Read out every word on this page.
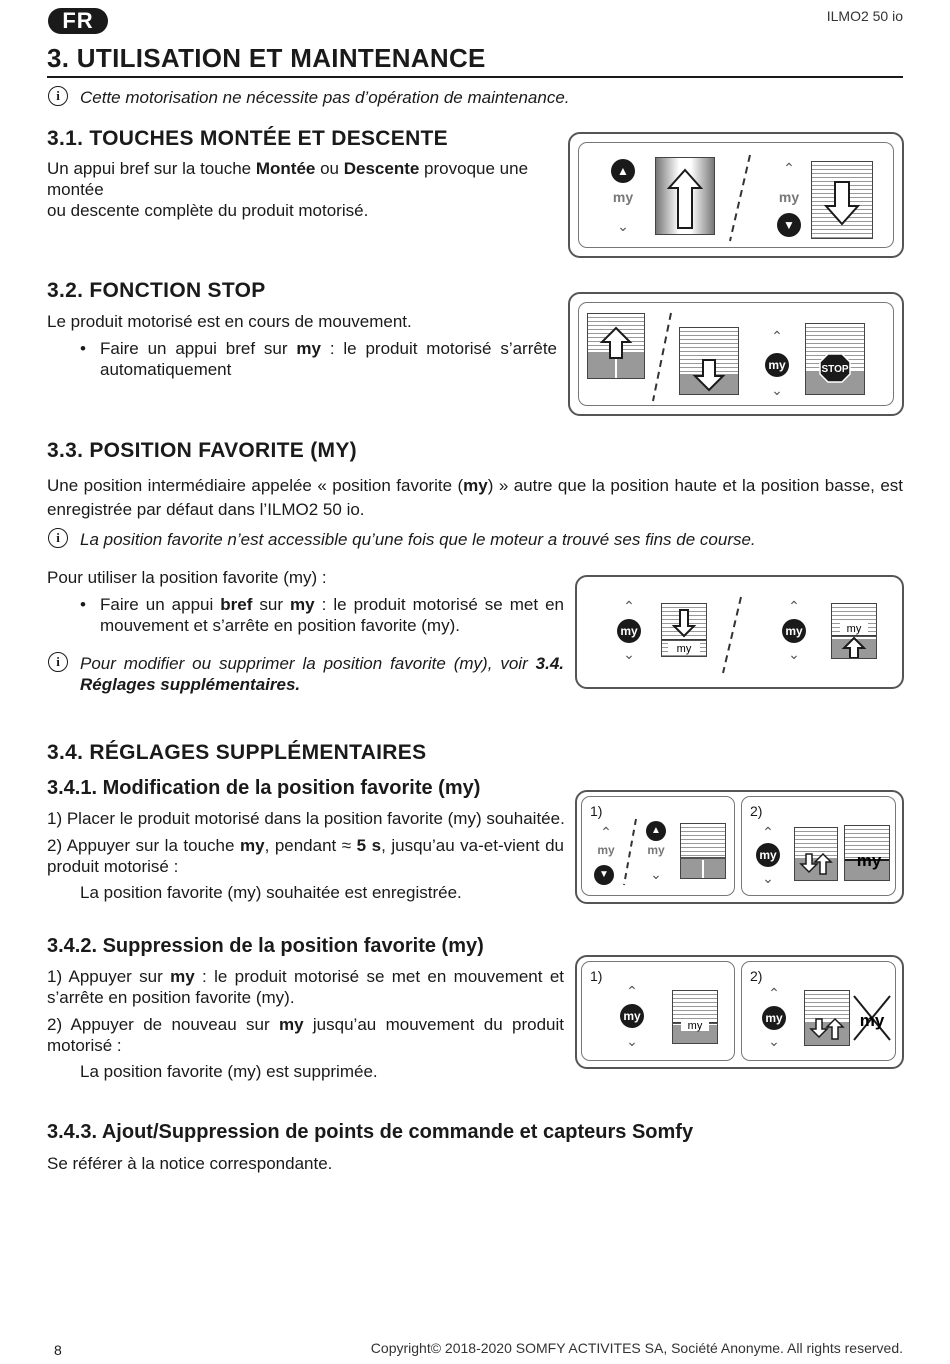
FR	ILMO2 50 io
3. UTILISATION ET MAINTENANCE
i	Cette motorisation ne nécessite pas d’opération de maintenance.
3.1. TOUCHES MONTÉE ET DESCENTE
Un appui bref sur la touche Montée ou Descente provoque une montée
ou descente complète du produit motorisé.
▲
my
⌄
⌃
my
▼
3.2. FONCTION STOP
Le produit motorisé est en cours de mouvement.
• Faire un appui bref sur my : le produit motorisé s’arrête automatiquement
⌃
my
⌄
STOP
3.3. POSITION FAVORITE (MY)
Une position intermédiaire appelée « position favorite (my) » autre que la position haute et la position basse, est enregistrée par défaut dans l’ILMO2 50 io.
i	La position favorite n’est accessible qu’une fois que le moteur a trouvé ses fins de course.
Pour utiliser la position favorite (my) :
• Faire un appui bref sur my : le produit motorisé se met en mouvement et s’arrête en position favorite (my).
i	Pour modifier ou supprimer la position favorite (my), voir 3.4. Réglages supplémentaires.
⌃
my
⌄	my
⌃
my
⌄
my
3.4. RÉGLAGES SUPPLÉMENTAIRES
3.4.1. Modification de la position favorite (my)
1) Placer le produit motorisé dans la position favorite (my) souhaitée.
2) Appuyer sur la touche my, pendant ≈ 5 s, jusqu’au va-et-vient du produit motorisé :
La position favorite (my) souhaitée est enregistrée.
1)
⌃
my
▼
▲
my
⌄
2)
⌃
my
⌄
my
3.4.2. Suppression de la position favorite (my)
1) Appuyer sur my : le produit motorisé se met en mouvement et s’arrête en position favorite (my).
2) Appuyer de nouveau sur my jusqu’au mouvement du produit motorisé :
La position favorite (my) est supprimée.
1)
⌃
my
⌄
my
2)
⌃
my
⌄
my
3.4.3. Ajout/Suppression de points de commande et capteurs Somfy
Se référer à la notice correspondante.
8	Copyright© 2018-2020 SOMFY ACTIVITES SA, Société Anonyme. All rights reserved.
